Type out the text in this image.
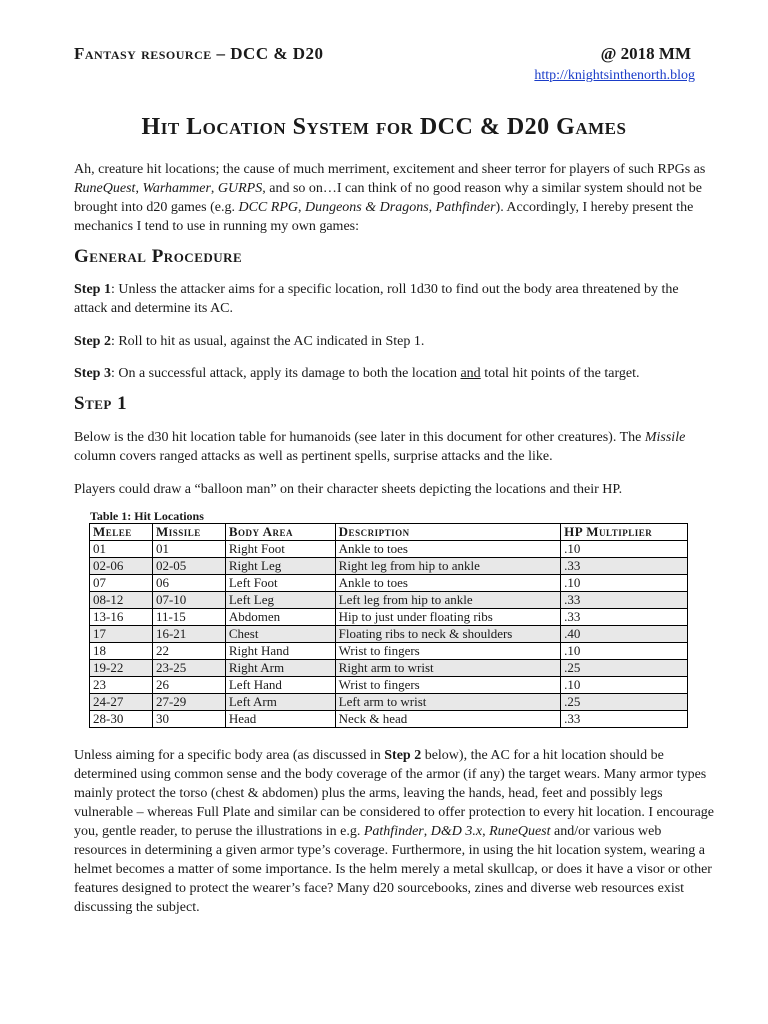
Fantasy resource – DCC & D20	@ 2018 MM
http://knightsinthenorth.blog
Hit Location System for DCC & D20 Games

Ah, creature hit locations; the cause of much merriment, excitement and sheer terror for players of such RPGs as RuneQuest, Warhammer, GURPS, and so on…I can think of no good reason why a similar system should not be brought into d20 games (e.g. DCC RPG, Dungeons & Dragons, Pathfinder). Accordingly, I hereby present the mechanics I tend to use in running my own games:

General Procedure

Step 1: Unless the attacker aims for a specific location, roll 1d30 to find out the body area threatened by the attack and determine its AC.

Step 2: Roll to hit as usual, against the AC indicated in Step 1.

Step 3: On a successful attack, apply its damage to both the location and total hit points of the target.

Step 1

Below is the d30 hit location table for humanoids (see later in this document for other creatures). The Missile column covers ranged attacks as well as pertinent spells, surprise attacks and the like.

Players could draw a “balloon man” on their character sheets depicting the locations and their HP.

Table 1: Hit Locations
Melee	Missile	Body Area	Description	HP Multiplier
01	01	Right Foot	Ankle to toes	.10
02-06	02-05	Right Leg	Right leg from hip to ankle	.33
07	06	Left Foot	Ankle to toes	.10
08-12	07-10	Left Leg	Left leg from hip to ankle	.33
13-16	11-15	Abdomen	Hip to just under floating ribs	.33
17	16-21	Chest	Floating ribs to neck & shoulders	.40
18	22	Right Hand	Wrist to fingers	.10
19-22	23-25	Right Arm	Right arm to wrist	.25
23	26	Left Hand	Wrist to fingers	.10
24-27	27-29	Left Arm	Left arm to wrist	.25
28-30	30	Head	Neck & head	.33

Unless aiming for a specific body area (as discussed in Step 2 below), the AC for a hit location should be determined using common sense and the body coverage of the armor (if any) the target wears. Many armor types mainly protect the torso (chest & abdomen) plus the arms, leaving the hands, head, feet and possibly legs vulnerable – whereas Full Plate and similar can be considered to offer protection to every hit location. I encourage you, gentle reader, to peruse the illustrations in e.g. Pathfinder, D&D 3.x, RuneQuest and/or various web resources in determining a given armor type’s coverage. Furthermore, in using the hit location system, wearing a helmet becomes a matter of some importance. Is the helm merely a metal skullcap, or does it have a visor or other features designed to protect the wearer’s face? Many d20 sourcebooks, zines and diverse web resources exist discussing the subject.
